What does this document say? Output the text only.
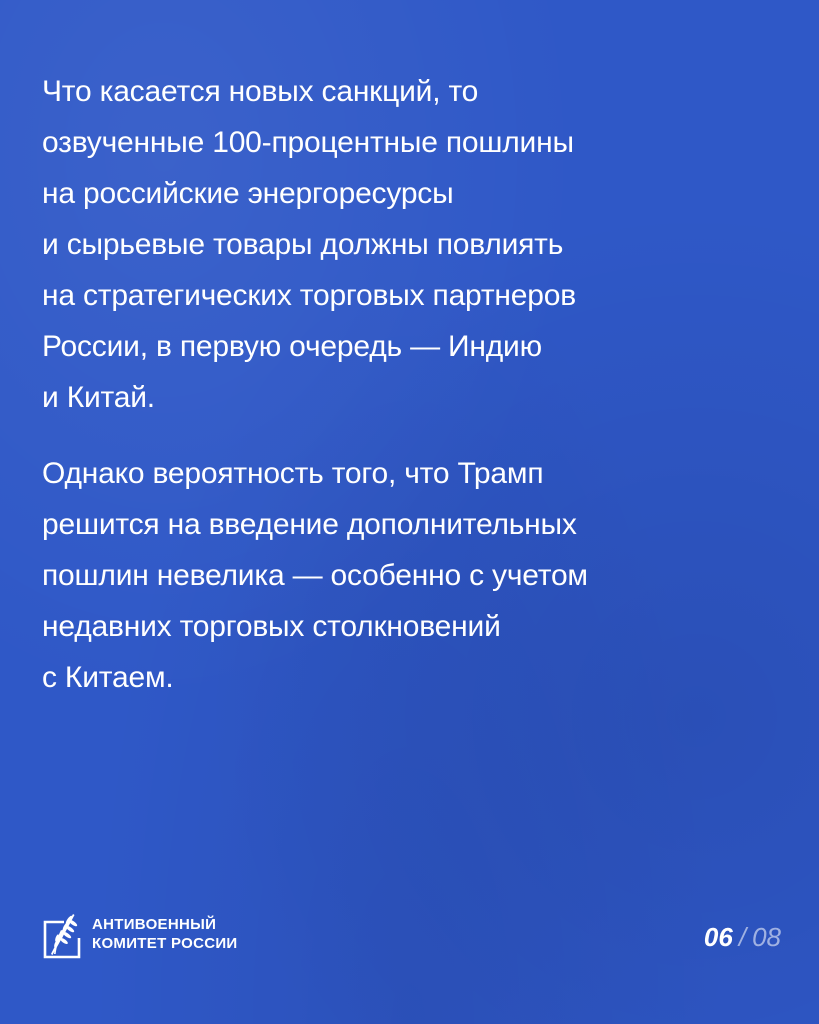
Что касается новых санкций, то
озвученные 100-процентные пошлины
на российские энергоресурсы
и сырьевые товары должны повлиять
на стратегических торговых партнеров
России, в первую очередь — Индию
и Китай.

Однако вероятность того, что Трамп
решится на введение дополнительных
пошлин невелика — особенно с учетом
недавних торговых столкновений
с Китаем.

АНТИВОЕННЫЙ
КОМИТЕТ РОССИИ	06 / 08
